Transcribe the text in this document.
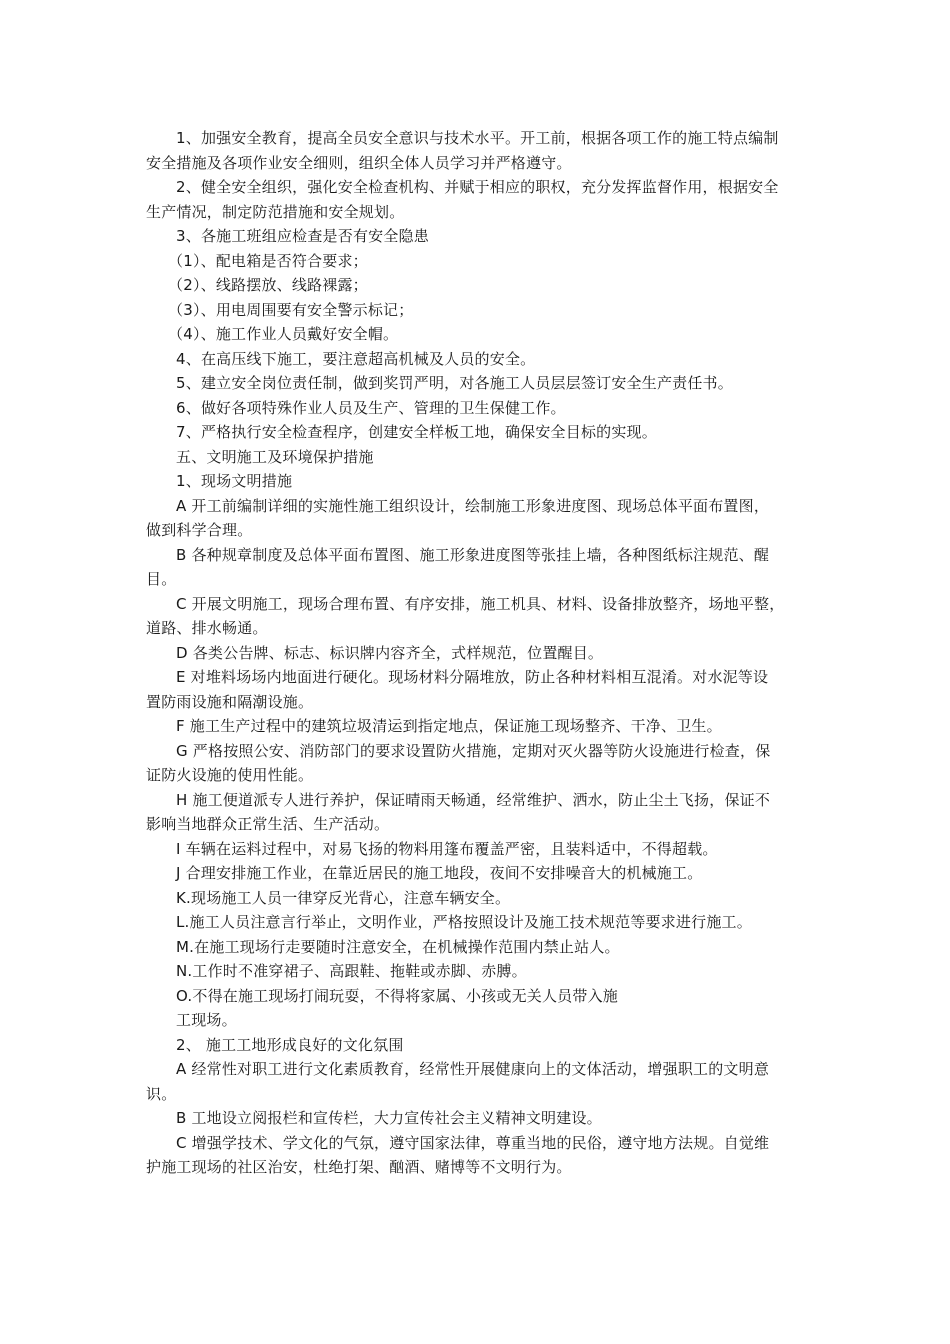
1、加强安全教育，提高全员安全意识与技术水平。开工前，根据各项工作的施工特点编制
安全措施及各项作业安全细则，组织全体人员学习并严格遵守。
2、健全安全组织，强化安全检查机构、并赋于相应的职权，充分发挥监督作用，根据安全
生产情况，制定防范措施和安全规划。
3、各施工班组应检查是否有安全隐患
（1）、配电箱是否符合要求；
（2）、线路摆放、线路裸露；
（3）、用电周围要有安全警示标记；
（4）、施工作业人员戴好安全帽。
4、在高压线下施工，要注意超高机械及人员的安全。
5、建立安全岗位责任制，做到奖罚严明，对各施工人员层层签订安全生产责任书。
6、做好各项特殊作业人员及生产、管理的卫生保健工作。
7、严格执行安全检查程序，创建安全样板工地，确保安全目标的实现。
五、文明施工及环境保护措施
1、现场文明措施
A 开工前编制详细的实施性施工组织设计，绘制施工形象进度图、现场总体平面布置图，
做到科学合理。
B 各种规章制度及总体平面布置图、施工形象进度图等张挂上墙，各种图纸标注规范、醒
目。
C 开展文明施工，现场合理布置、有序安排，施工机具、材料、设备排放整齐，场地平整，
道路、排水畅通。
D 各类公告牌、标志、标识牌内容齐全，式样规范，位置醒目。
E 对堆料场场内地面进行硬化。现场材料分隔堆放，防止各种材料相互混淆。对水泥等设
置防雨设施和隔潮设施。
F 施工生产过程中的建筑垃圾清运到指定地点，保证施工现场整齐、干净、卫生。
G 严格按照公安、消防部门的要求设置防火措施，定期对灭火器等防火设施进行检查，保
证防火设施的使用性能。
H 施工便道派专人进行养护，保证晴雨天畅通，经常维护、洒水，防止尘土飞扬，保证不
影响当地群众正常生活、生产活动。
I 车辆在运料过程中，对易飞扬的物料用篷布覆盖严密，且装料适中，不得超载。
J 合理安排施工作业，在靠近居民的施工地段，夜间不安排噪音大的机械施工。
K.现场施工人员一律穿反光背心，注意车辆安全。
L.施工人员注意言行举止，文明作业，严格按照设计及施工技术规范等要求进行施工。
M.在施工现场行走要随时注意安全，在机械操作范围内禁止站人。
N.工作时不准穿裙子、高跟鞋、拖鞋或赤脚、赤膊。
O.不得在施工现场打闹玩耍，不得将家属、小孩或无关人员带入施
工现场。
2、 施工工地形成良好的文化氛围
A 经常性对职工进行文化素质教育，经常性开展健康向上的文体活动，增强职工的文明意
识。
B 工地设立阅报栏和宣传栏，大力宣传社会主义精神文明建设。
C 增强学技术、学文化的气氛，遵守国家法律，尊重当地的民俗，遵守地方法规。自觉维
护施工现场的社区治安，杜绝打架、酗酒、赌博等不文明行为。
